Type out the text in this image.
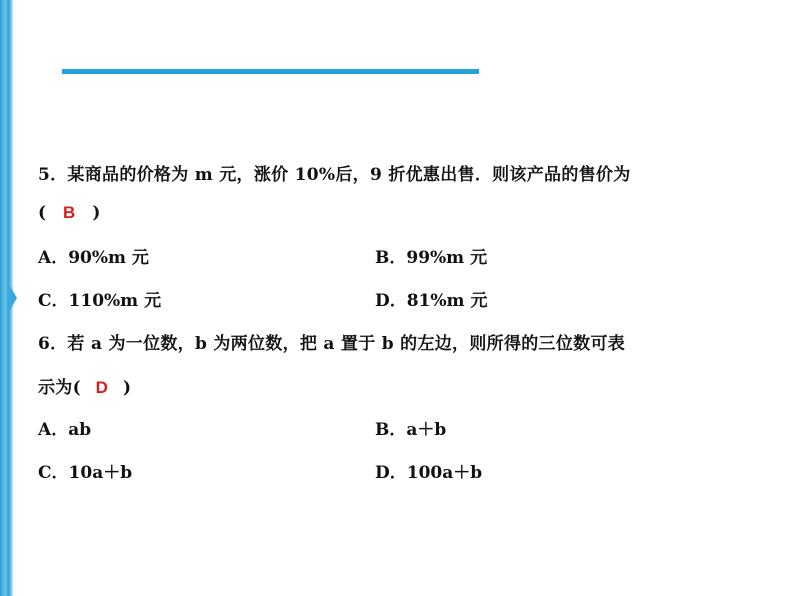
5．某商品的价格为 m 元，涨价 10%后，9 折优惠出售．则该产品的售价为
( B )
A．90%m 元	B．99%m 元
C．110%m 元	D．81%m 元
6．若 a 为一位数，b 为两位数，把 a 置于 b 的左边，则所得的三位数可表
示为( D )
A．ab	B．a＋b
C．10a＋b	D．100a＋b
